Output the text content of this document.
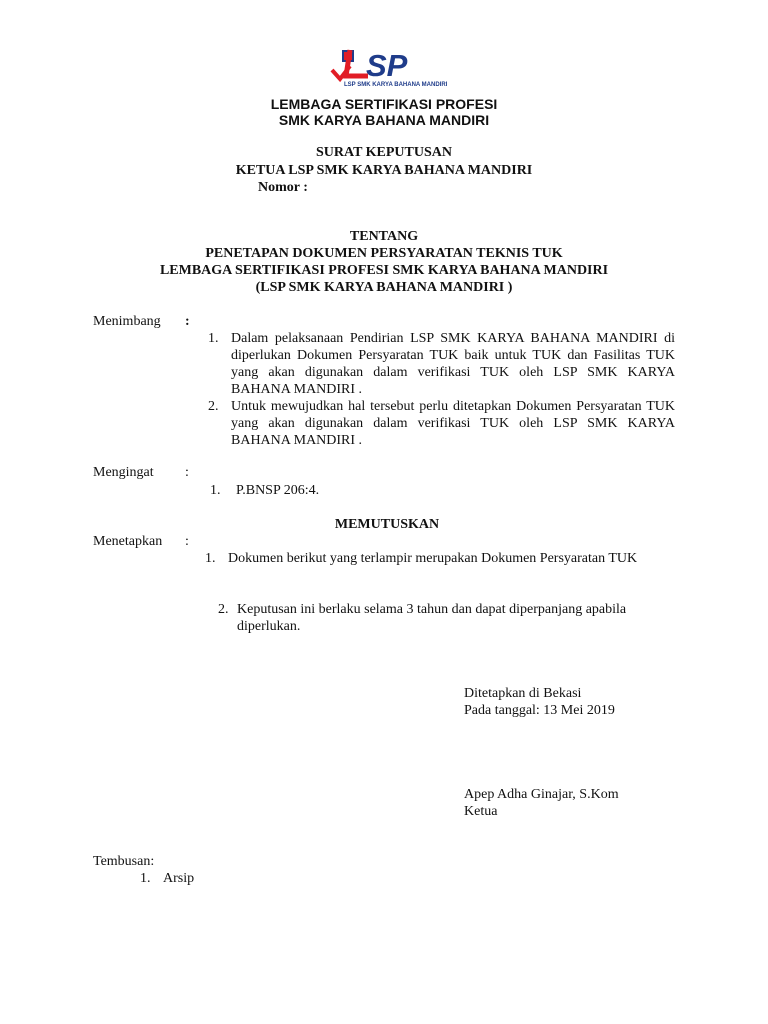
SP
LSP SMK KARYA BAHANA MANDIRI
LEMBAGA SERTIFIKASI PROFESI
SMK KARYA BAHANA MANDIRI
SURAT KEPUTUSAN
KETUA LSP SMK KARYA BAHANA MANDIRI
Nomor :
TENTANG
PENETAPAN DOKUMEN PERSYARATAN TEKNIS TUK
LEMBAGA SERTIFIKASI PROFESI SMK KARYA BAHANA MANDIRI
(LSP SMK KARYA BAHANA MANDIRI )
Menimbang :
1. Dalam pelaksanaan Pendirian LSP SMK KARYA BAHANA MANDIRI di diperlukan Dokumen Persyaratan TUK baik untuk TUK dan Fasilitas TUK yang akan digunakan dalam verifikasi TUK oleh LSP SMK KARYA BAHANA MANDIRI .
2. Untuk mewujudkan hal tersebut perlu ditetapkan Dokumen Persyaratan TUK yang akan digunakan dalam verifikasi TUK oleh LSP SMK KARYA BAHANA MANDIRI .
Mengingat :
1. P.BNSP 206:4.
MEMUTUSKAN
Menetapkan :
1. Dokumen berikut yang terlampir merupakan Dokumen Persyaratan TUK
2. Keputusan ini berlaku selama 3 tahun dan dapat diperpanjang apabila diperlukan.
Ditetapkan di Bekasi
Pada tanggal: 13 Mei 2019
Apep Adha Ginajar, S.Kom
Ketua
Tembusan:
1. Arsip
